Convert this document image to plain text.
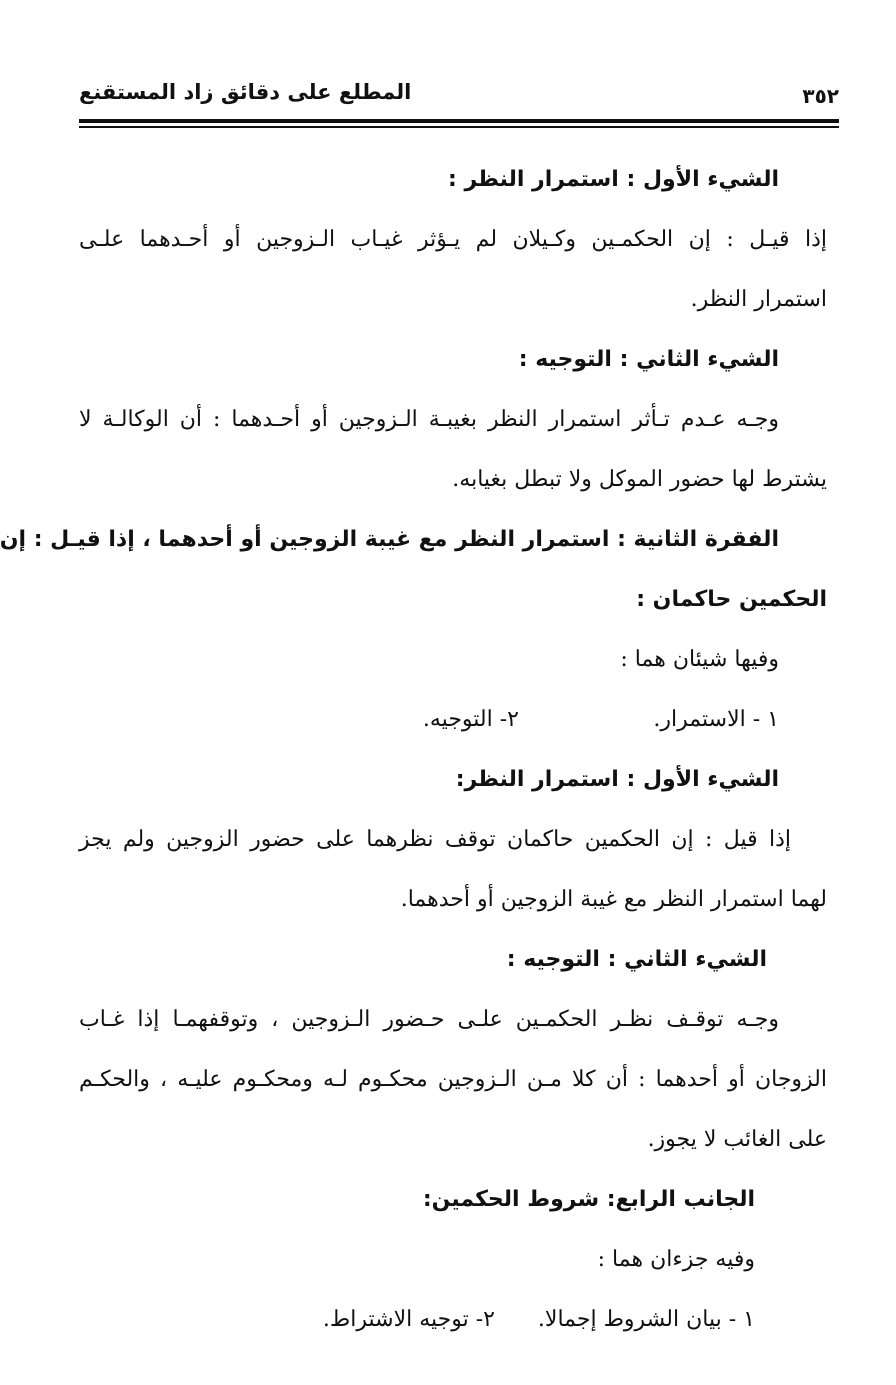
المطلع على دقائق زاد المستقنع	٣٥٢
الشيء الأول : استمرار النظر :
إذا قيـل : إن الحكمـين وكـيلان لم يـؤثر غيـاب الـزوجين أو أحـدهما علـى
استمرار النظر.
الشيء الثاني : التوجيه :
وجـه عـدم تـأثر استمرار النظر بغيبـة الـزوجين أو أحـدهما : أن الوكالـة لا
يشترط لها حضور الموكل ولا تبطل بغيابه.
الفقرة الثانية : استمرار النظر مع غيبة الزوجين أو أحدهما ، إذا قيـل : إن
الحكمين حاكمان :
وفيها شيئان هما :
١ - الاستمرار.
٢- التوجيه.
الشيء الأول : استمرار النظر:
إذا قيل : إن الحكمين حاكمان توقف نظرهما على حضور الزوجين ولم يجز
لهما استمرار النظر مع غيبة الزوجين أو أحدهما.
الشيء الثاني : التوجيه :
وجـه توقـف نظـر الحكمـين علـى حـضور الـزوجين ، وتوقفهمـا إذا غـاب
الزوجان أو أحدهما : أن كلا مـن الـزوجين محكـوم لـه ومحكـوم عليـه ، والحكـم
على الغائب لا يجوز.
الجانب الرابع: شروط الحكمين:
وفيه جزءان هما :
١ - بيان الشروط إجمالا.
٢- توجيه الاشتراط.
